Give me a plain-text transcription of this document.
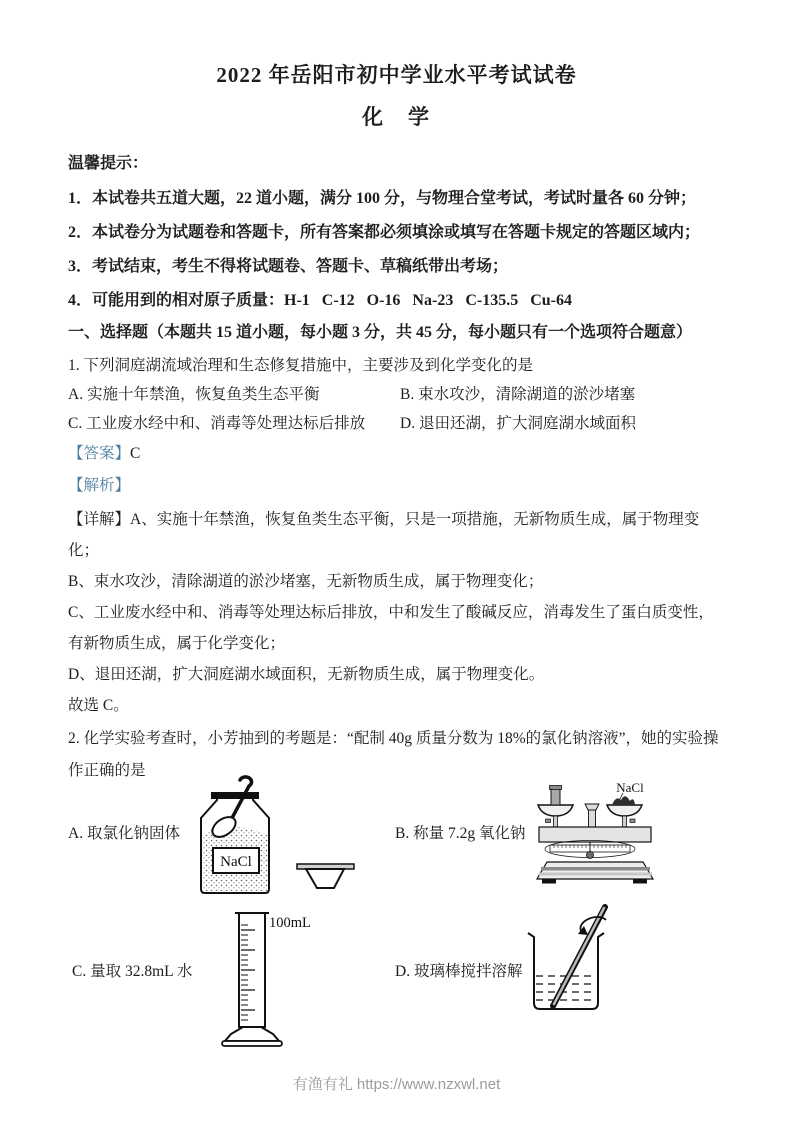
2022 年岳阳市初中学业水平考试试卷
化　学

温馨提示：

1．本试卷共五道大题，22 道小题，满分 100 分，与物理合堂考试，考试时量各 60 分钟；

2．本试卷分为试题卷和答题卡，所有答案都必须填涂或填写在答题卡规定的答题区域内；

3．考试结束，考生不得将试题卷、答题卡、草稿纸带出考场；

4．可能用到的相对原子质量：H-1   C-12   O-16   Na-23   C-135.5   Cu-64

一、选择题（本题共 15 道小题，每小题 3 分，共 45 分，每小题只有一个选项符合题意）

1. 下列洞庭湖流域治理和生态修复措施中，主要涉及到化学变化的是

A. 实施十年禁渔，恢复鱼类生态平衡	B. 束水攻沙，清除湖道的淤沙堵塞
C. 工业废水经中和、消毒等处理达标后排放	D. 退田还湖，扩大洞庭湖水域面积

【答案】C

【解析】

【详解】A、实施十年禁渔，恢复鱼类生态平衡，只是一项措施，无新物质生成，属于物理变化；

B、束水攻沙，清除湖道的淤沙堵塞，无新物质生成，属于物理变化；

C、工业废水经中和、消毒等处理达标后排放，中和发生了酸碱反应，消毒发生了蛋白质变性，有新物质生成，属于化学变化；

D、退田还湖，扩大洞庭湖水域面积，无新物质生成，属于物理变化。

故选 C。

2. 化学实验考查时，小芳抽到的考题是：“配制 40g 质量分数为 18%的氯化钠溶液”，她的实验操作正确的是

A. 取氯化钠固体
NaCl
B. 称量 7.2g 氧化钠
NaCl
C. 量取 32.8mL 水
100mL
D. 玻璃棒搅拌溶解
有渔有礼 https://www.nzxwl.net
